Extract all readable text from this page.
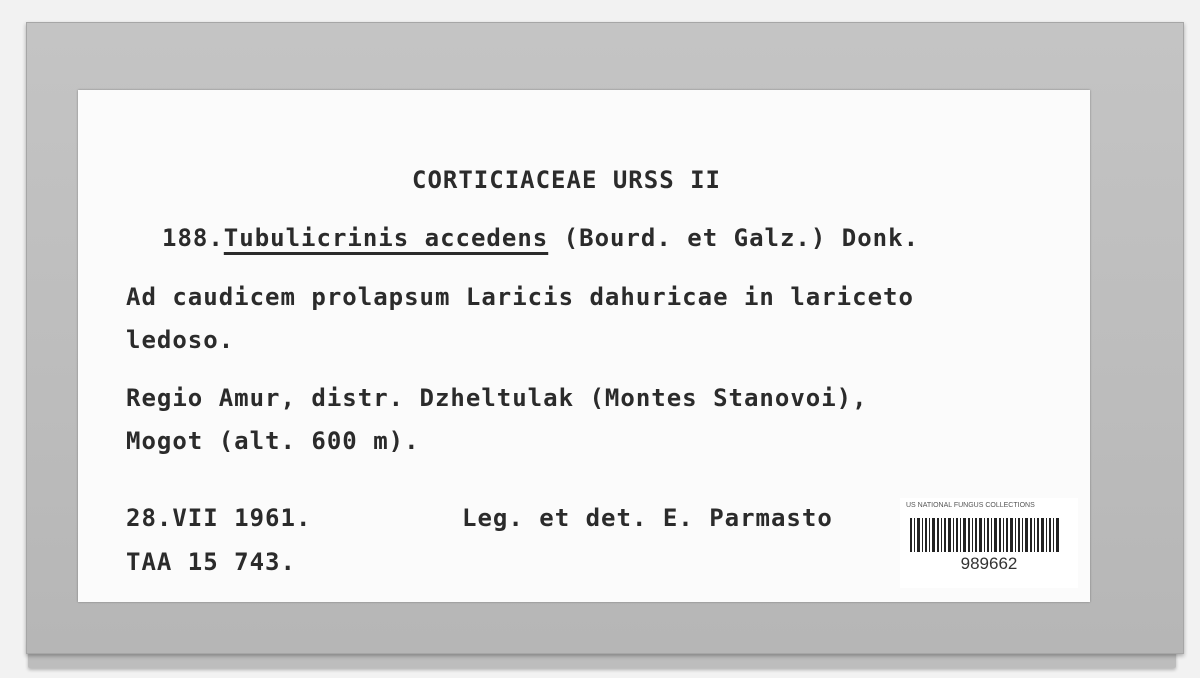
CORTICIACEAE URSS II
188.Tubulicrinis accedens (Bourd. et Galz.) Donk.
Ad caudicem prolapsum Laricis dahuricae in lariceto
ledoso.
Regio Amur, distr. Dzheltulak (Montes Stanovoi),
Mogot (alt. 600 m).
28.VII 1961.	Leg. et det. E. Parmasto
TAA 15 743.
US NATIONAL FUNGUS COLLECTIONS
989662
